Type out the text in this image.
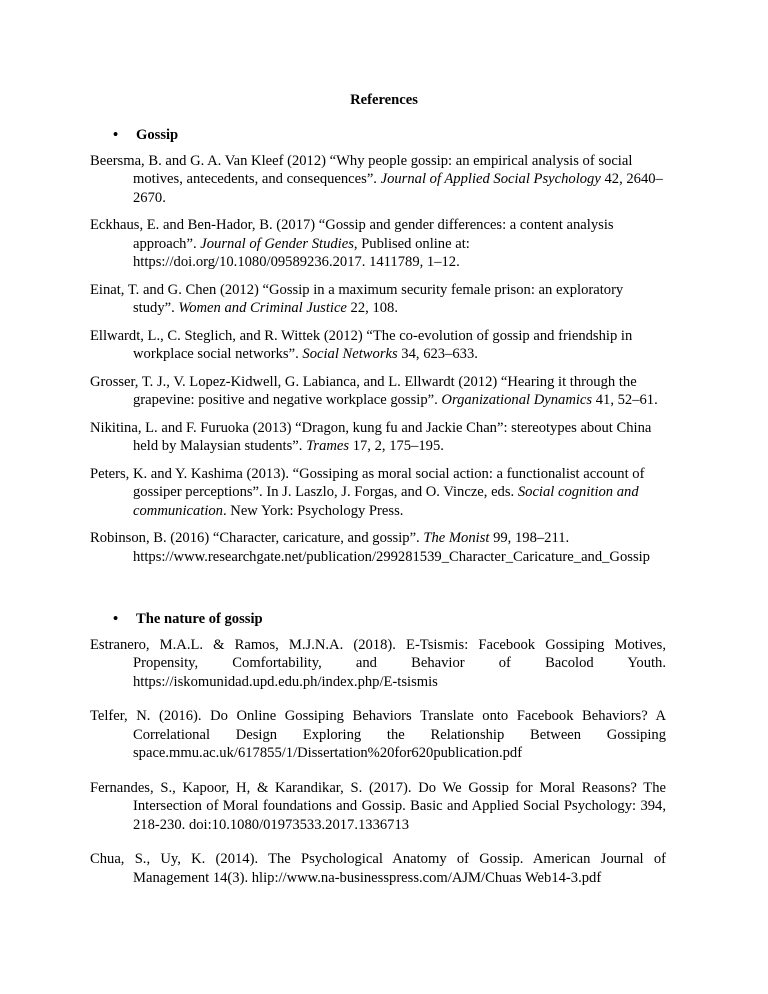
References
• Gossip
Beersma, B. and G. A. Van Kleef (2012) “Why people gossip: an empirical analysis of social motives, antecedents, and consequences”. Journal of Applied Social Psychology 42, 2640– 2670.
Eckhaus, E. and Ben-Hador, B. (2017) “Gossip and gender differences: a content analysis approach”. Journal of Gender Studies, Publised online at: https://doi.org/10.1080/09589236.2017. 1411789, 1–12.
Einat, T. and G. Chen (2012) “Gossip in a maximum security female prison: an exploratory study”. Women and Criminal Justice 22, 108.
Ellwardt, L., C. Steglich, and R. Wittek (2012) “The co-evolution of gossip and friendship in workplace social networks”. Social Networks 34, 623–633.
Grosser, T. J., V. Lopez-Kidwell, G. Labianca, and L. Ellwardt (2012) “Hearing it through the grapevine: positive and negative workplace gossip”. Organizational Dynamics 41, 52–61.
Nikitina, L. and F. Furuoka (2013) “Dragon, kung fu and Jackie Chan”: stereotypes about China held by Malaysian students”. Trames 17, 2, 175–195.
Peters, K. and Y. Kashima (2013). “Gossiping as moral social action: a functionalist account of gossiper perceptions”. In J. Laszlo, J. Forgas, and O. Vincze, eds. Social cognition and communication. New York: Psychology Press.
Robinson, B. (2016) “Character, caricature, and gossip”. The Monist 99, 198–211. https://www.researchgate.net/publication/299281539_Character_Caricature_and_Gossip
• The nature of gossip
Estranero, M.A.L. & Ramos, M.J.N.A. (2018). E-Tsismis: Facebook Gossiping Motives, Propensity, Comfortability, and Behavior of Bacolod Youth. https://iskomunidad.upd.edu.ph/index.php/E-tsismis
Telfer, N. (2016). Do Online Gossiping Behaviors Translate onto Facebook Behaviors? A Correlational Design Exploring the Relationship Between Gossiping space.mmu.ac.uk/617855/1/Dissertation%20for620publication.pdf
Fernandes, S., Kapoor, H, & Karandikar, S. (2017). Do We Gossip for Moral Reasons? The Intersection of Moral foundations and Gossip. Basic and Applied Social Psychology: 394, 218-230. doi:10.1080/01973533.2017.1336713
Chua, S., Uy, K. (2014). The Psychological Anatomy of Gossip. American Journal of Management 14(3). hlip://www.na-businesspress.com/AJM/Chuas Web14-3.pdf
